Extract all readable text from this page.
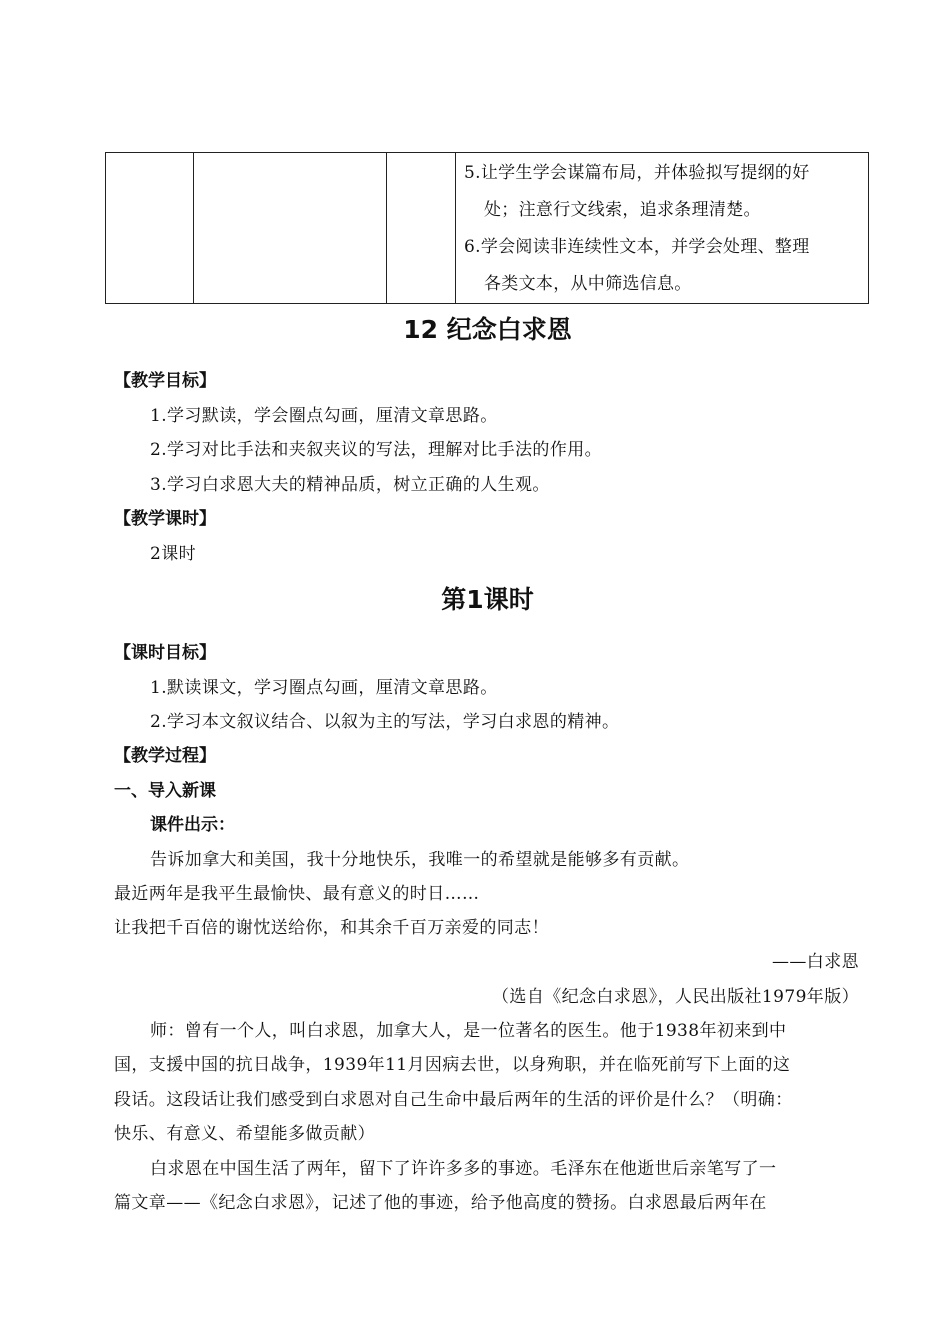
5.让学生学会谋篇布局，并体验拟写提纲的好

处；注意行文线索，追求条理清楚。

6.学会阅读非连续性文本，并学会处理、整理

各类文本，从中筛选信息。

12 纪念白求恩
【教学目标】
1.学习默读，学会圈点勾画，厘清文章思路。
2.学习对比手法和夹叙夹议的写法，理解对比手法的作用。
3.学习白求恩大夫的精神品质，树立正确的人生观。
【教学课时】
2课时
第1课时
【课时目标】
1.默读课文，学习圈点勾画，厘清文章思路。
2.学习本文叙议结合、以叙为主的写法，学习白求恩的精神。
【教学过程】
一、导入新课
课件出示：
告诉加拿大和美国，我十分地快乐，我唯一的希望就是能够多有贡献。
最近两年是我平生最愉快、最有意义的时日……
让我把千百倍的谢忱送给你，和其余千百万亲爱的同志！
——白求恩
（选自《纪念白求恩》，人民出版社1979年版）
师：曾有一个人，叫白求恩，加拿大人，是一位著名的医生。他于1938年初来到中
国，支援中国的抗日战争，1939年11月因病去世，以身殉职，并在临死前写下上面的这
段话。这段话让我们感受到白求恩对自己生命中最后两年的生活的评价是什么？（明确：
快乐、有意义、希望能多做贡献）
白求恩在中国生活了两年，留下了许许多多的事迹。毛泽东在他逝世后亲笔写了一
篇文章——《纪念白求恩》，记述了他的事迹，给予他高度的赞扬。白求恩最后两年在
